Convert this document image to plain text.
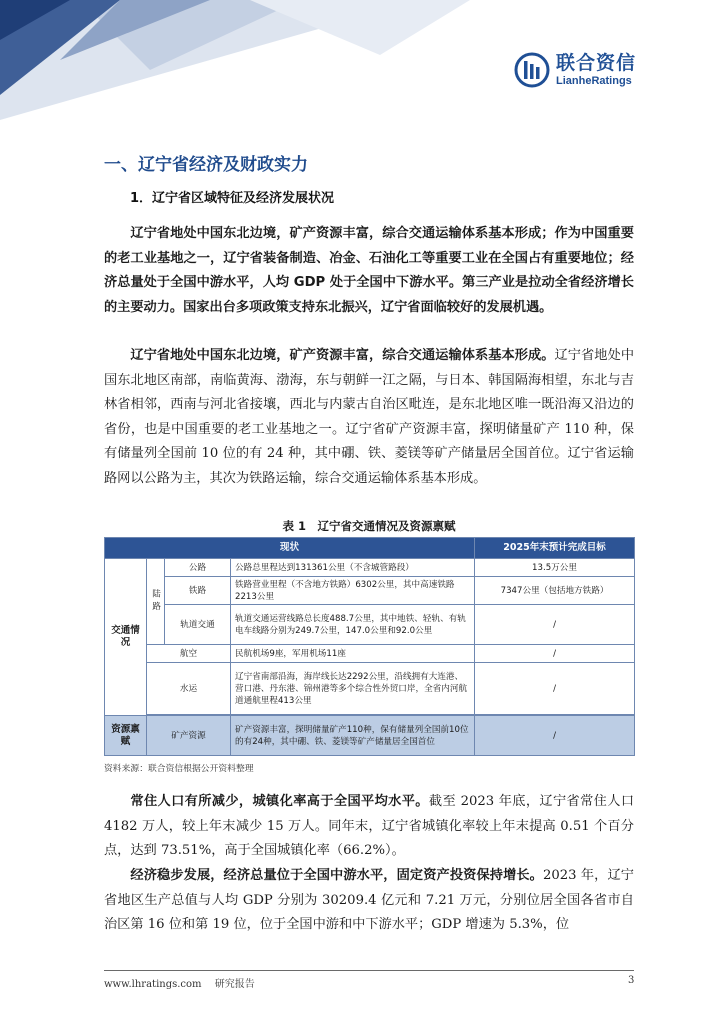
联合资信
LianheRatings
一、辽宁省经济及财政实力
1．辽宁省区域特征及经济发展状况

辽宁省地处中国东北边境，矿产资源丰富，综合交通运输体系基本形成；作为中国重要的老工业基地之一，辽宁省装备制造、冶金、石油化工等重要工业在全国占有重要地位；经济总量处于全国中游水平，人均 GDP 处于全国中下游水平。第三产业是拉动全省经济增长的主要动力。国家出台多项政策支持东北振兴，辽宁省面临较好的发展机遇。

辽宁省地处中国东北边境，矿产资源丰富，综合交通运输体系基本形成。辽宁省地处中国东北地区南部，南临黄海、渤海，东与朝鲜一江之隔，与日本、韩国隔海相望，东北与吉林省相邻，西南与河北省接壤，西北与内蒙古自治区毗连，是东北地区唯一既沿海又沿边的省份，也是中国重要的老工业基地之一。辽宁省矿产资源丰富，探明储量矿产 110 种，保有储量列全国前 10 位的有 24 种，其中硼、铁、菱镁等矿产储量居全国首位。辽宁省运输路网以公路为主，其次为铁路运输，综合交通运输体系基本形成。

表 1　辽宁省交通情况及资源禀赋
现状				2025年末预计完成目标
交通情况	陆路	公路	公路总里程达到131361公里（不含城管路段）	13.5万公里
		铁路	铁路营业里程（不含地方铁路）6302公里，其中高速铁路2213公里	7347公里（包括地方铁路）
		轨道交通	轨道交通运营线路总长度488.7公里，其中地铁、轻轨、有轨电车线路分别为249.7公里，147.0公里和92.0公里	/
	航空		民航机场9座，军用机场11座	/
	水运		辽宁省南部沿海，海岸线长达2292公里，沿线拥有大连港、营口港、丹东港、锦州港等多个综合性外贸口岸，全省内河航道通航里程413公里	/

资源禀赋	矿产资源		矿产资源丰富，探明储量矿产110种，保有储量列全国前10位的有24种，其中硼、铁、菱镁等矿产储量居全国首位	/
资料来源：联合资信根据公开资料整理

常住人口有所减少，城镇化率高于全国平均水平。截至 2023 年底，辽宁省常住人口 4182 万人，较上年末减少 15 万人。同年末，辽宁省城镇化率较上年末提高 0.51 个百分点，达到 73.51%，高于全国城镇化率（66.2%）。

经济稳步发展，经济总量位于全国中游水平，固定资产投资保持增长。2023 年，辽宁省地区生产总值与人均 GDP 分别为 30209.4 亿元和 7.21 万元，分别位居全国各省市自治区第 16 位和第 19 位，位于全国中游和中下游水平；GDP 增速为 5.3%，位

www.lhratings.com　 研究报告	3
